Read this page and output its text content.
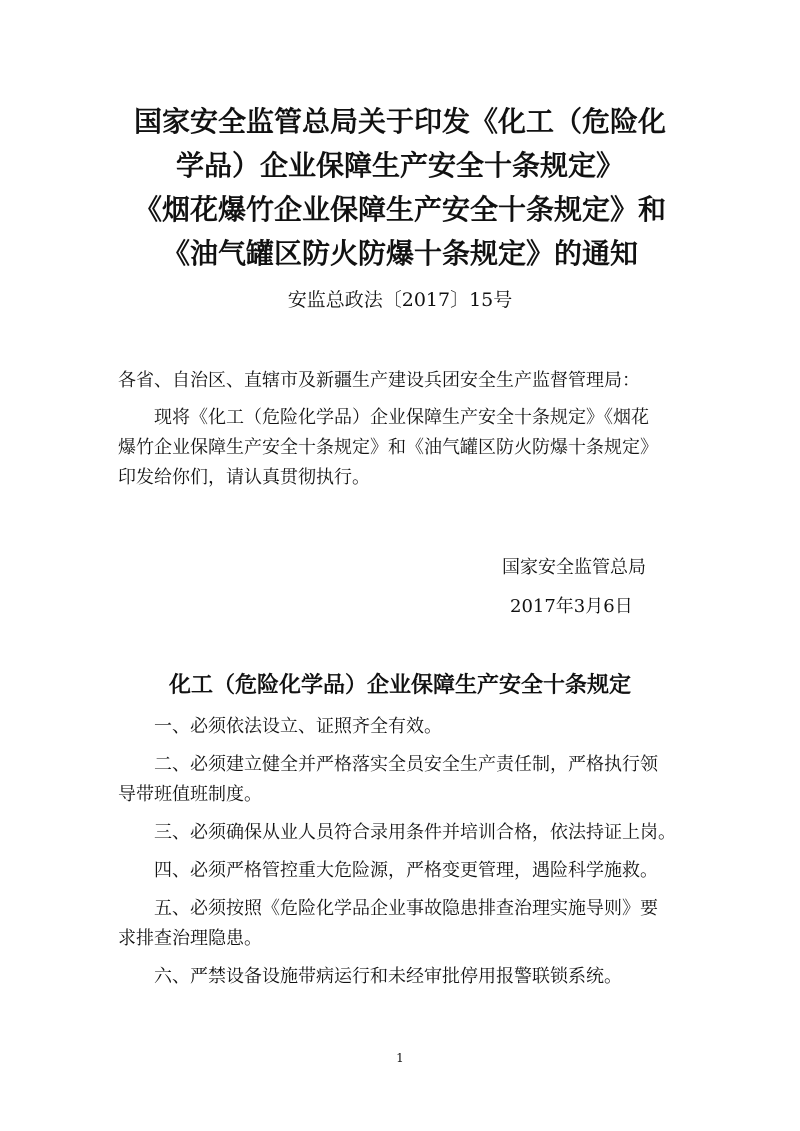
国家安全监管总局关于印发《化工（危险化
学品）企业保障生产安全十条规定》
《烟花爆竹企业保障生产安全十条规定》和
《油气罐区防火防爆十条规定》的通知
安监总政法〔2017〕15号

各省、自治区、直辖市及新疆生产建设兵团安全生产监督管理局：

现将《化工（危险化学品）企业保障生产安全十条规定》《烟花
爆竹企业保障生产安全十条规定》和《油气罐区防火防爆十条规定》
印发给你们，请认真贯彻执行。

国家安全监管总局
2017年3月6日
化工（危险化学品）企业保障生产安全十条规定
一、必须依法设立、证照齐全有效。
二、必须建立健全并严格落实全员安全生产责任制，严格执行领
导带班值班制度。
三、必须确保从业人员符合录用条件并培训合格，依法持证上岗。
四、必须严格管控重大危险源，严格变更管理，遇险科学施救。
五、必须按照《危险化学品企业事故隐患排查治理实施导则》要
求排查治理隐患。
六、严禁设备设施带病运行和未经审批停用报警联锁系统。
1
